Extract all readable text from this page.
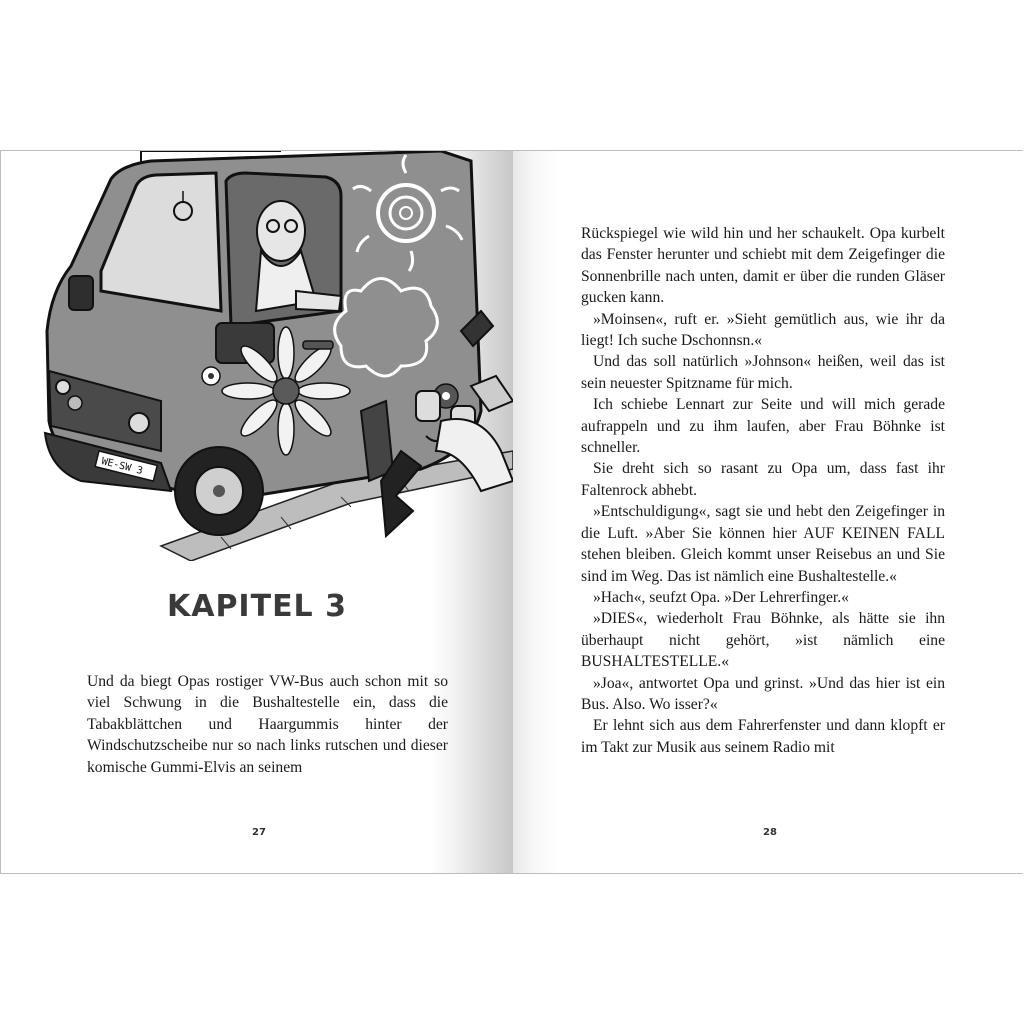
WE-SW 3
KAPITEL 3

Und da biegt Opas rostiger VW-Bus auch schon mit so viel Schwung in die Bushaltestelle ein, dass die Tabakblättchen und Haargummis hinter der Windschutzscheibe nur so nach links rutschen und dieser komische Gummi-Elvis an seinem

27

Rückspiegel wie wild hin und her schaukelt. Opa kurbelt das Fenster herunter und schiebt mit dem Zeigefinger die Sonnenbrille nach unten, damit er über die runden Gläser gucken kann.

»Moinsen«, ruft er. »Sieht gemütlich aus, wie ihr da liegt! Ich suche Dschonnsn.«

Und das soll natürlich »Johnson« heißen, weil das ist sein neuester Spitzname für mich.

Ich schiebe Lennart zur Seite und will mich gerade aufrappeln und zu ihm laufen, aber Frau Böhnke ist schneller.

Sie dreht sich so rasant zu Opa um, dass fast ihr Faltenrock abhebt.

»Entschuldigung«, sagt sie und hebt den Zeigefinger in die Luft. »Aber Sie können hier AUF KEINEN FALL stehen bleiben. Gleich kommt unser Reisebus an und Sie sind im Weg. Das ist nämlich eine Bushaltestelle.«

»Hach«, seufzt Opa. »Der Lehrerfinger.«

»DIES«, wiederholt Frau Böhnke, als hätte sie ihn überhaupt nicht gehört, »ist nämlich eine BUSHALTESTELLE.«

»Joa«, antwortet Opa und grinst. »Und das hier ist ein Bus. Also. Wo isser?«

Er lehnt sich aus dem Fahrerfenster und dann klopft er im Takt zur Musik aus seinem Radio mit

28
